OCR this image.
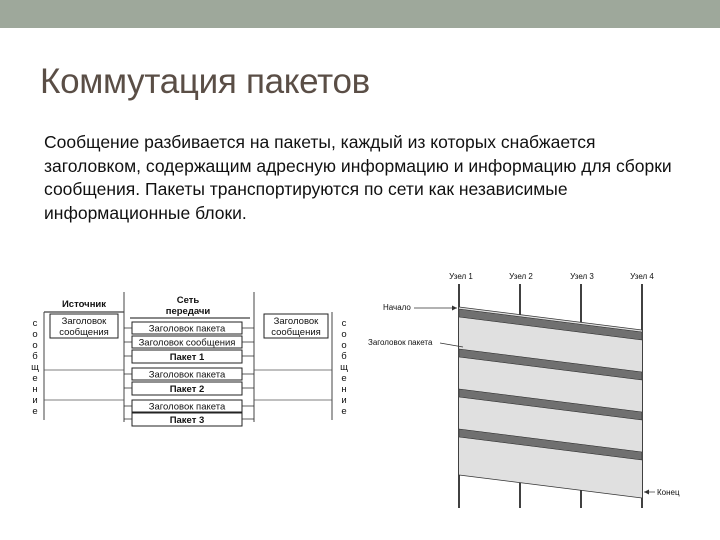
Коммутация пакетов

Сообщение разбивается на пакеты, каждый из которых снабжается заголовком, содержащим адресную информацию и информацию для сборки сообщения. Пакеты транспортируются по сети как независимые информационные блоки.

с
о
о
б
щ
е
н
и
е
с
о
о
б
щ
е
н
и
е
Источник	Сеть
передачи
Заголовок
сообщения
Заголовок
сообщения
Заголовок пакета
Заголовок сообщения
Пакет 1
Заголовок пакета
Пакет 2
Заголовок пакета
Пакет 3
Узел 1	Узел 2	Узел 3	Узел 4
Начало
Заголовок пакета
Конец
